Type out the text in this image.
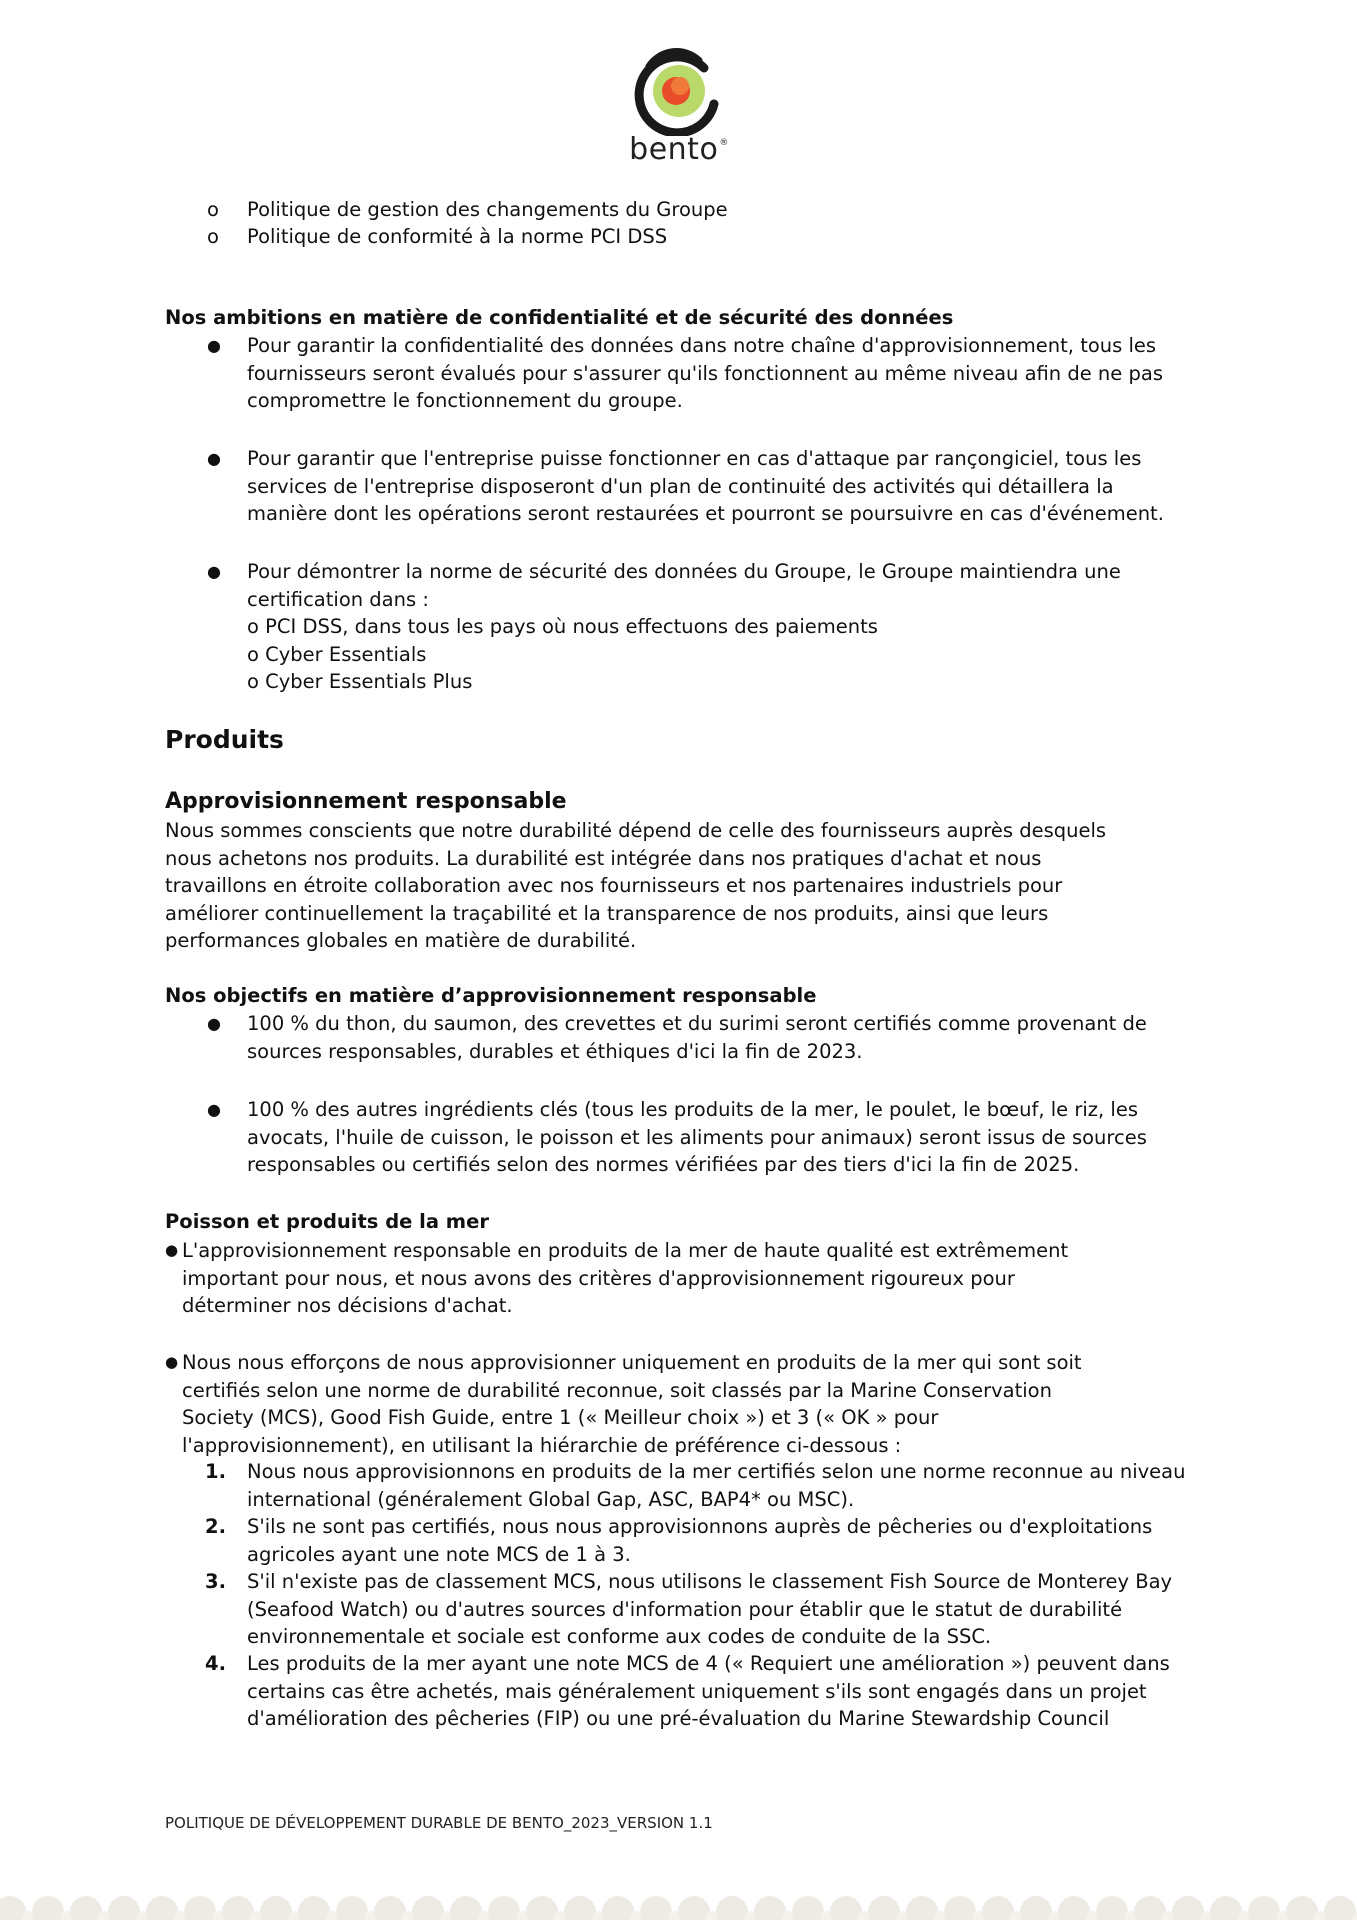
bento®
o Politique de gestion des changements du Groupe
o Politique de conformité à la norme PCI DSS
Nos ambitions en matière de confidentialité et de sécurité des données
● Pour garantir la confidentialité des données dans notre chaîne d'approvisionnement, tous les
fournisseurs seront évalués pour s'assurer qu'ils fonctionnent au même niveau afin de ne pas
compromettre le fonctionnement du groupe.
● Pour garantir que l'entreprise puisse fonctionner en cas d'attaque par rançongiciel, tous les
services de l'entreprise disposeront d'un plan de continuité des activités qui détaillera la
manière dont les opérations seront restaurées et pourront se poursuivre en cas d'événement.
● Pour démontrer la norme de sécurité des données du Groupe, le Groupe maintiendra une
certification dans :
o PCI DSS, dans tous les pays où nous effectuons des paiements
o Cyber Essentials
o Cyber Essentials Plus
Produits
Approvisionnement responsable
Nous sommes conscients que notre durabilité dépend de celle des fournisseurs auprès desquels
nous achetons nos produits. La durabilité est intégrée dans nos pratiques d'achat et nous
travaillons en étroite collaboration avec nos fournisseurs et nos partenaires industriels pour
améliorer continuellement la traçabilité et la transparence de nos produits, ainsi que leurs
performances globales en matière de durabilité.
Nos objectifs en matière d’approvisionnement responsable
● 100 % du thon, du saumon, des crevettes et du surimi seront certifiés comme provenant de
sources responsables, durables et éthiques d'ici la fin de 2023.
● 100 % des autres ingrédients clés (tous les produits de la mer, le poulet, le bœuf, le riz, les
avocats, l'huile de cuisson, le poisson et les aliments pour animaux) seront issus de sources
responsables ou certifiés selon des normes vérifiées par des tiers d'ici la fin de 2025.
Poisson et produits de la mer
● L'approvisionnement responsable en produits de la mer de haute qualité est extrêmement
important pour nous, et nous avons des critères d'approvisionnement rigoureux pour
déterminer nos décisions d'achat.
● Nous nous efforçons de nous approvisionner uniquement en produits de la mer qui sont soit
certifiés selon une norme de durabilité reconnue, soit classés par la Marine Conservation
Society (MCS), Good Fish Guide, entre 1 (« Meilleur choix ») et 3 (« OK » pour
l'approvisionnement), en utilisant la hiérarchie de préférence ci-dessous :
1. Nous nous approvisionnons en produits de la mer certifiés selon une norme reconnue au niveau
international (généralement Global Gap, ASC, BAP4* ou MSC).
2. S'ils ne sont pas certifiés, nous nous approvisionnons auprès de pêcheries ou d'exploitations
agricoles ayant une note MCS de 1 à 3.
3. S'il n'existe pas de classement MCS, nous utilisons le classement Fish Source de Monterey Bay
(Seafood Watch) ou d'autres sources d'information pour établir que le statut de durabilité
environnementale et sociale est conforme aux codes de conduite de la SSC.
4. Les produits de la mer ayant une note MCS de 4 (« Requiert une amélioration ») peuvent dans
certains cas être achetés, mais généralement uniquement s'ils sont engagés dans un projet
d'amélioration des pêcheries (FIP) ou une pré-évaluation du Marine Stewardship Council
POLITIQUE DE DÉVELOPPEMENT DURABLE DE BENTO_2023_VERSION 1.1
